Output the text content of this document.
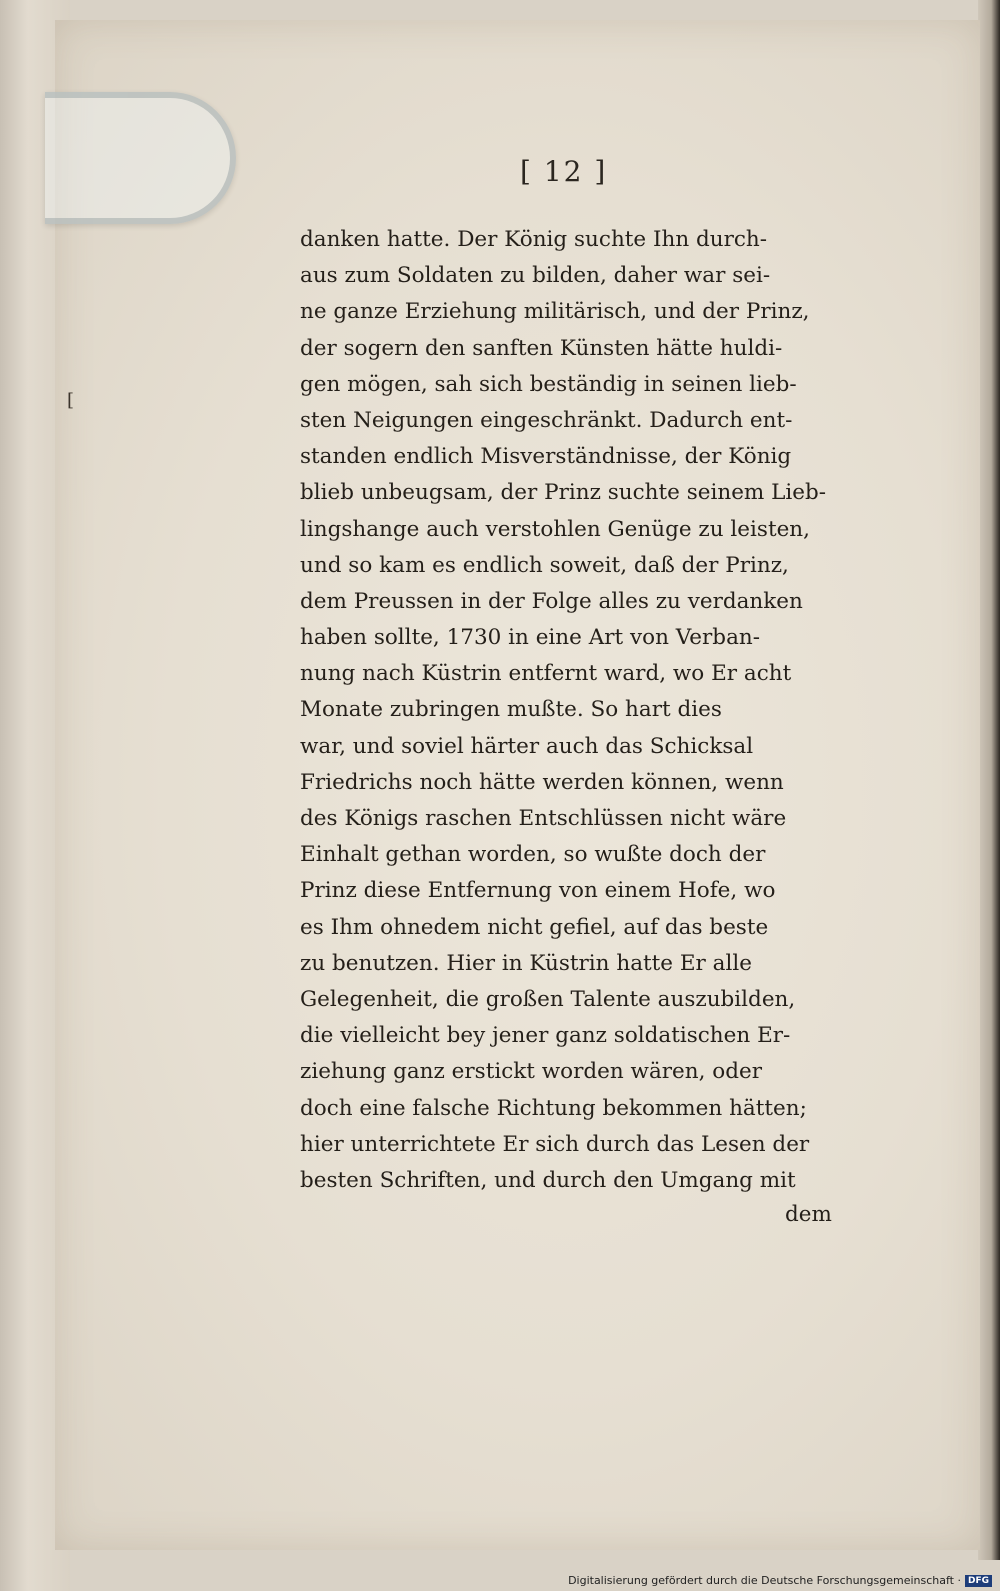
[
[ 12 ]
danken hatte. Der König suchte Ihn durch-
aus zum Soldaten zu bilden, daher war sei-
ne ganze Erziehung militärisch, und der Prinz,
der sogern den sanften Künsten hätte huldi-
gen mögen, sah sich beständig in seinen lieb-
sten Neigungen eingeschränkt. Dadurch ent-
standen endlich Misverständnisse, der König
blieb unbeugsam, der Prinz suchte seinem Lieb-
lingshange auch verstohlen Genüge zu leisten,
und so kam es endlich soweit, daß der Prinz,
dem Preussen in der Folge alles zu verdanken
haben sollte, 1730 in eine Art von Verban-
nung nach Küstrin entfernt ward, wo Er acht
Monate zubringen mußte. So hart dies
war, und soviel härter auch das Schicksal
Friedrichs noch hätte werden können, wenn
des Königs raschen Entschlüssen nicht wäre
Einhalt gethan worden, so wußte doch der
Prinz diese Entfernung von einem Hofe, wo
es Ihm ohnedem nicht gefiel, auf das beste
zu benutzen. Hier in Küstrin hatte Er alle
Gelegenheit, die großen Talente auszubilden,
die vielleicht bey jener ganz soldatischen Er-
ziehung ganz erstickt worden wären, oder
doch eine falsche Richtung bekommen hätten;
hier unterrichtete Er sich durch das Lesen der
besten Schriften, und durch den Umgang mit
dem
Digitalisierung gefördert durch die Deutsche Forschungsgemeinschaft · DFG
